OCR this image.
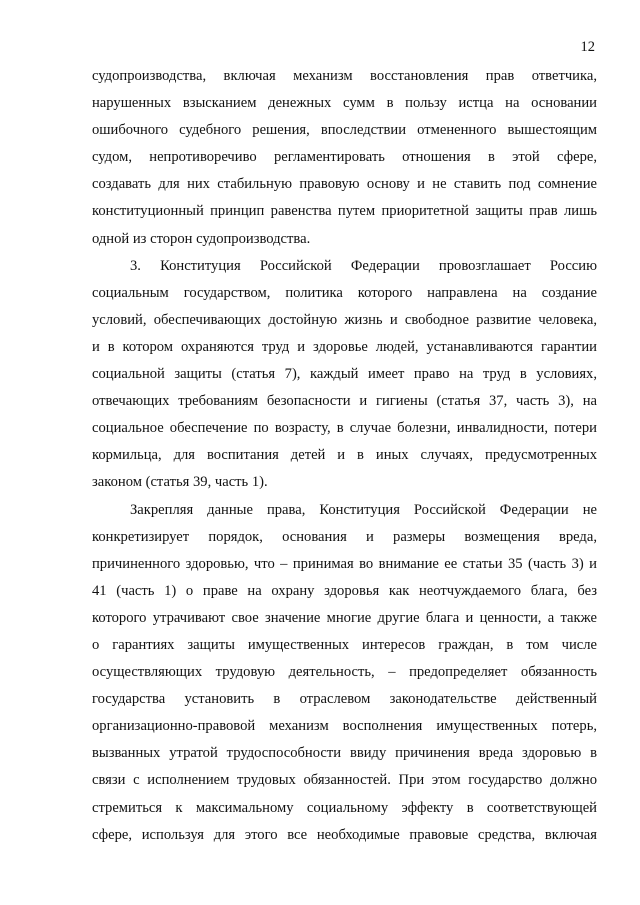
12
судопроизводства, включая механизм восстановления прав ответчика,
нарушенных взысканием денежных сумм в пользу истца на основании
ошибочного судебного решения, впоследствии отмененного вышестоящим
судом, непротиворечиво регламентировать отношения в этой сфере,
создавать для них стабильную правовую основу и не ставить под сомнение
конституционный принцип равенства путем приоритетной защиты прав лишь
одной из сторон судопроизводства.
3. Конституция Российской Федерации провозглашает Россию
социальным государством, политика которого направлена на создание
условий, обеспечивающих достойную жизнь и свободное развитие человека,
и в котором охраняются труд и здоровье людей, устанавливаются гарантии
социальной защиты (статья 7), каждый имеет право на труд в условиях,
отвечающих требованиям безопасности и гигиены (статья 37, часть 3), на
социальное обеспечение по возрасту, в случае болезни, инвалидности, потери
кормильца, для воспитания детей и в иных случаях, предусмотренных
законом (статья 39, часть 1).
Закрепляя данные права, Конституция Российской Федерации не
конкретизирует порядок, основания и размеры возмещения вреда,
причиненного здоровью, что – принимая во внимание ее статьи 35 (часть 3) и
41 (часть 1) о праве на охрану здоровья как неотчуждаемого блага, без
которого утрачивают свое значение многие другие блага и ценности, а также
о гарантиях защиты имущественных интересов граждан, в том числе
осуществляющих трудовую деятельность, – предопределяет обязанность
государства установить в отраслевом законодательстве действенный
организационно-правовой механизм восполнения имущественных потерь,
вызванных утратой трудоспособности ввиду причинения вреда здоровью в
связи с исполнением трудовых обязанностей. При этом государство должно
стремиться к максимальному социальному эффекту в соответствующей
сфере, используя для этого все необходимые правовые средства, включая
